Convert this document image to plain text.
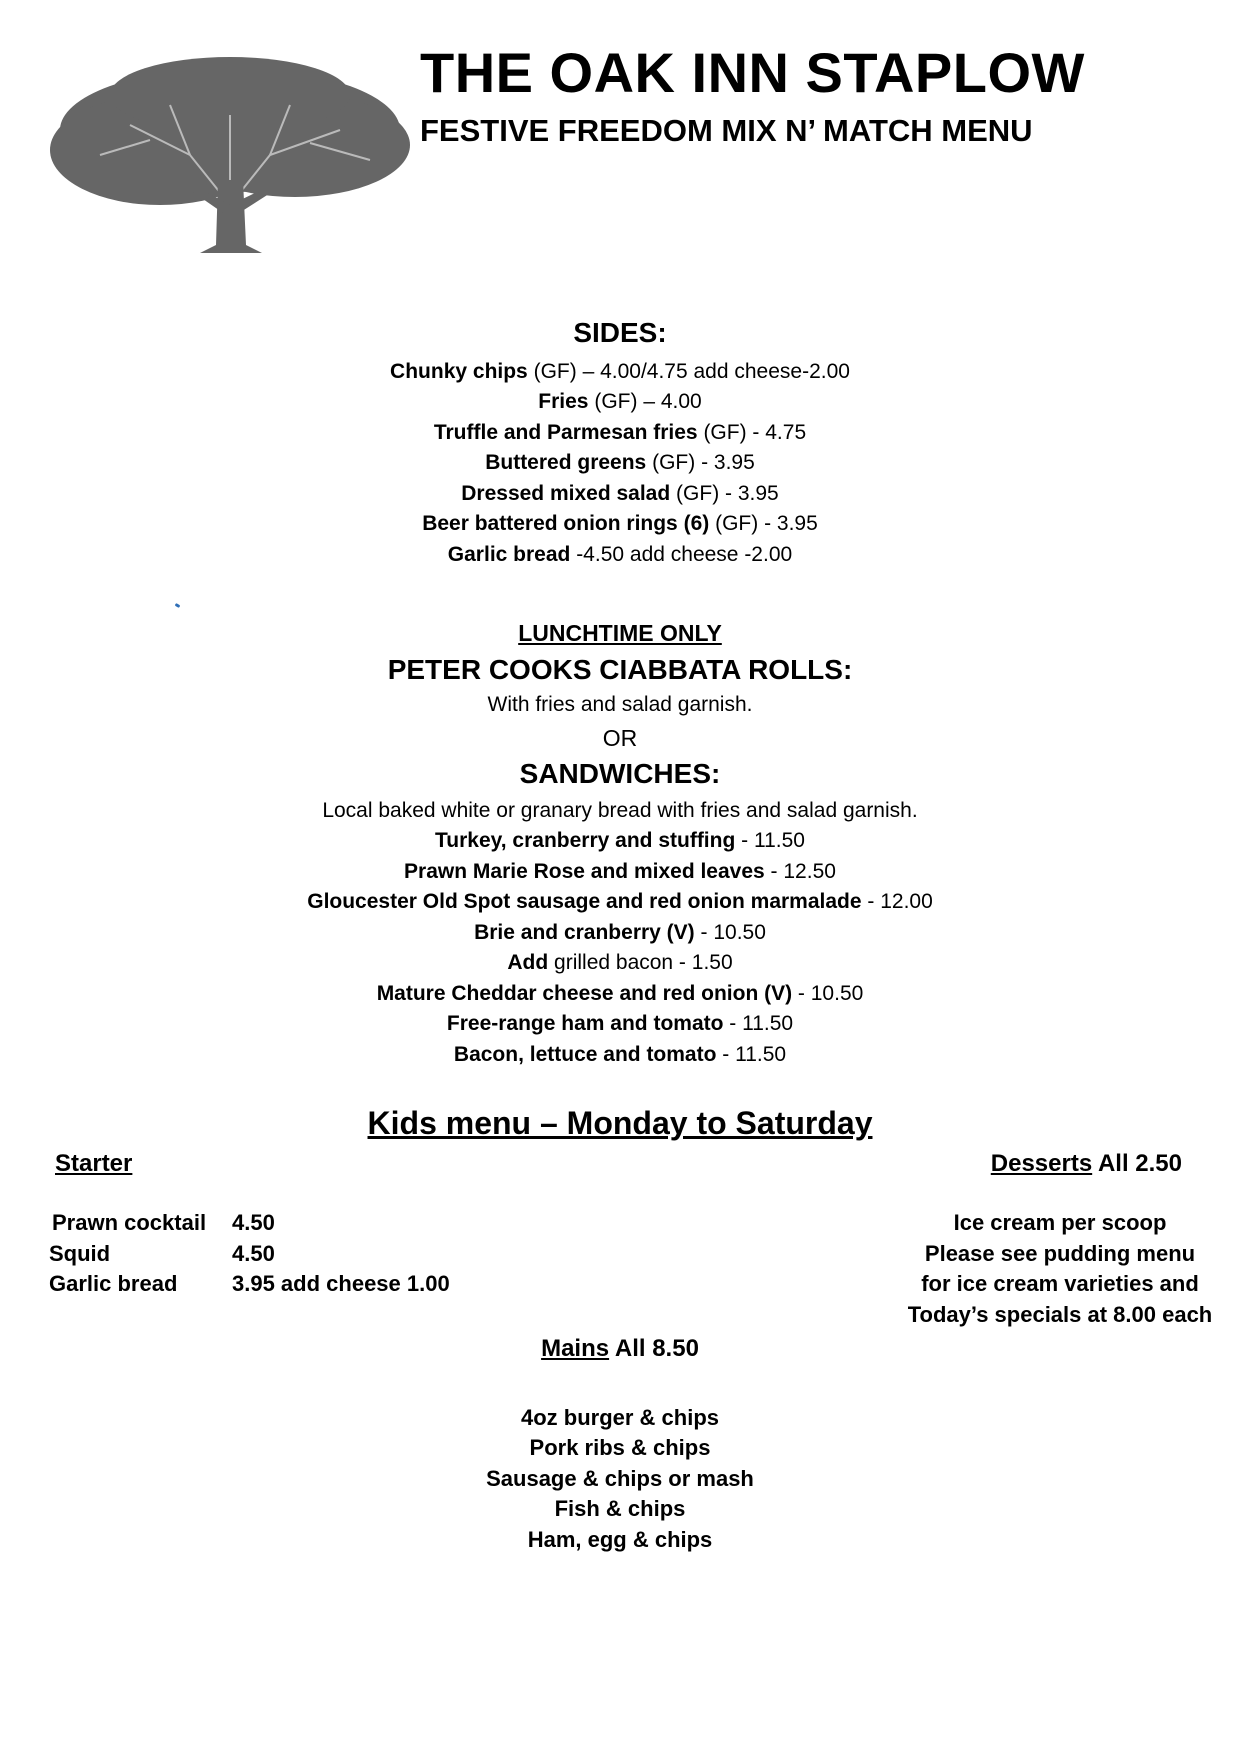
THE OAK INN STAPLOW
FESTIVE FREEDOM MIX N’ MATCH MENU
SIDES:
Chunky chips (GF) – 4.00/4.75 add cheese-2.00
Fries (GF) – 4.00
Truffle and Parmesan fries (GF) - 4.75
Buttered greens (GF) - 3.95
Dressed mixed salad (GF) - 3.95
Beer battered onion rings (6) (GF) - 3.95
Garlic bread -4.50 add cheese -2.00
LUNCHTIME ONLY
PETER COOKS CIABBATA ROLLS:
With fries and salad garnish.
OR
SANDWICHES:
Local baked white or granary bread with fries and salad garnish.
Turkey, cranberry and stuffing - 11.50
Prawn Marie Rose and mixed leaves - 12.50
Gloucester Old Spot sausage and red onion marmalade - 12.00
Brie and cranberry (V) - 10.50
Add grilled bacon - 1.50
Mature Cheddar cheese and red onion (V) - 10.50
Free-range ham and tomato - 11.50
Bacon, lettuce and tomato - 11.50
Kids menu – Monday to Saturday
Starter
Prawn cocktail 4.50
Squid	4.50
Garlic bread 3.95 add cheese 1.00
Desserts All 2.50
Ice cream per scoop
Please see pudding menu
for ice cream varieties and
Today’s specials at 8.00 each
Mains All 8.50
4oz burger & chips
Pork ribs & chips
Sausage & chips or mash
Fish & chips
Ham, egg & chips
